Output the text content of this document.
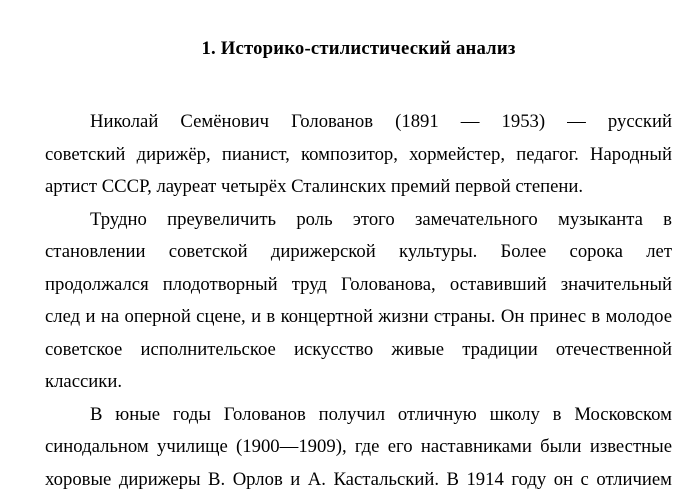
1. Историко-стилистический анализ
Николай Семёнович Голованов (1891 — 1953) — русский
советский дирижёр, пианист, композитор, хормейстер, педагог. Народный
артист СССР, лауреат четырёх Сталинских премий первой степени.
Трудно преувеличить роль этого замечательного музыканта в
становлении советской дирижерской культуры. Более сорока лет
продолжался плодотворный труд Голованова, оставивший значительный
след и на оперной сцене, и в концертной жизни страны. Он принес в молодое
советское исполнительское искусство живые традиции отечественной
классики.
В юные годы Голованов получил отличную школу в Московском
синодальном училище (1900—1909), где его наставниками были известные
хоровые дирижеры В. Орлов и А. Кастальский. В 1914 году он с отличием
